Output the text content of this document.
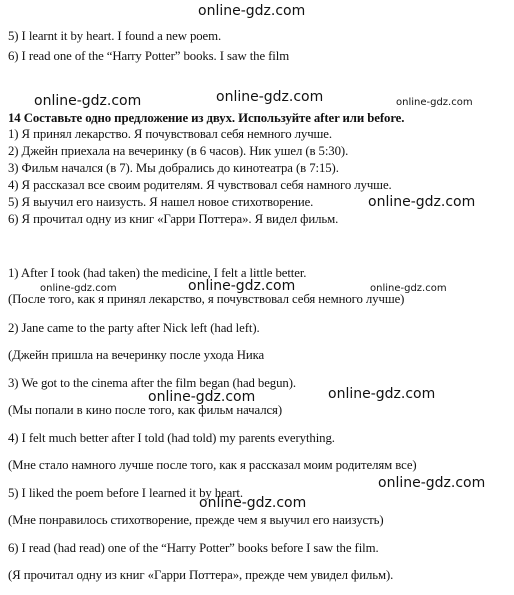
5) I learnt it by heart. I found a new poem.
6) I read one of the “Harry Potter” books. I saw the film
14 Составьте одно предложение из двух. Используйте after или before.
1) Я принял лекарство. Я почувствовал себя немного лучше.
2) Джейн приехала на вечеринку (в 6 часов). Ник ушел (в 5:30).
3) Фильм начался (в 7). Мы добрались до кинотеатра (в 7:15).
4) Я рассказал все своим родителям. Я чувствовал себя намного лучше.
5) Я выучил его наизусть. Я нашел новое стихотворение.
6) Я прочитал одну из книг «Гарри Поттера». Я видел фильм.
1) After I took (had taken) the medicine, I felt a little better.
(После того, как я принял лекарство, я почувствовал себя немного лучше)
2) Jane came to the party after Nick left (had left).
(Джейн пришла на вечеринку после ухода Ника
3) We got to the cinema after the film began (had begun).
(Мы попали в кино после того, как фильм начался)
4) I felt much better after I told (had told) my parents everything.
(Мне стало намного лучше после того, как я рассказал моим родителям все)
5) I liked the poem before I learned it by heart.
(Мне понравилось стихотворение, прежде чем я выучил его наизусть)
6) I read (had read) one of the “Harry Potter” books before I saw the film.
(Я прочитал одну из книг «Гарри Поттера», прежде чем увидел фильм).
online-gdz.com
online-gdz.com	online-gdz.com	online-gdz.com
online-gdz.com
online-gdz.com	online-gdz.com	online-gdz.com
online-gdz.com	online-gdz.com
online-gdz.com
online-gdz.com
